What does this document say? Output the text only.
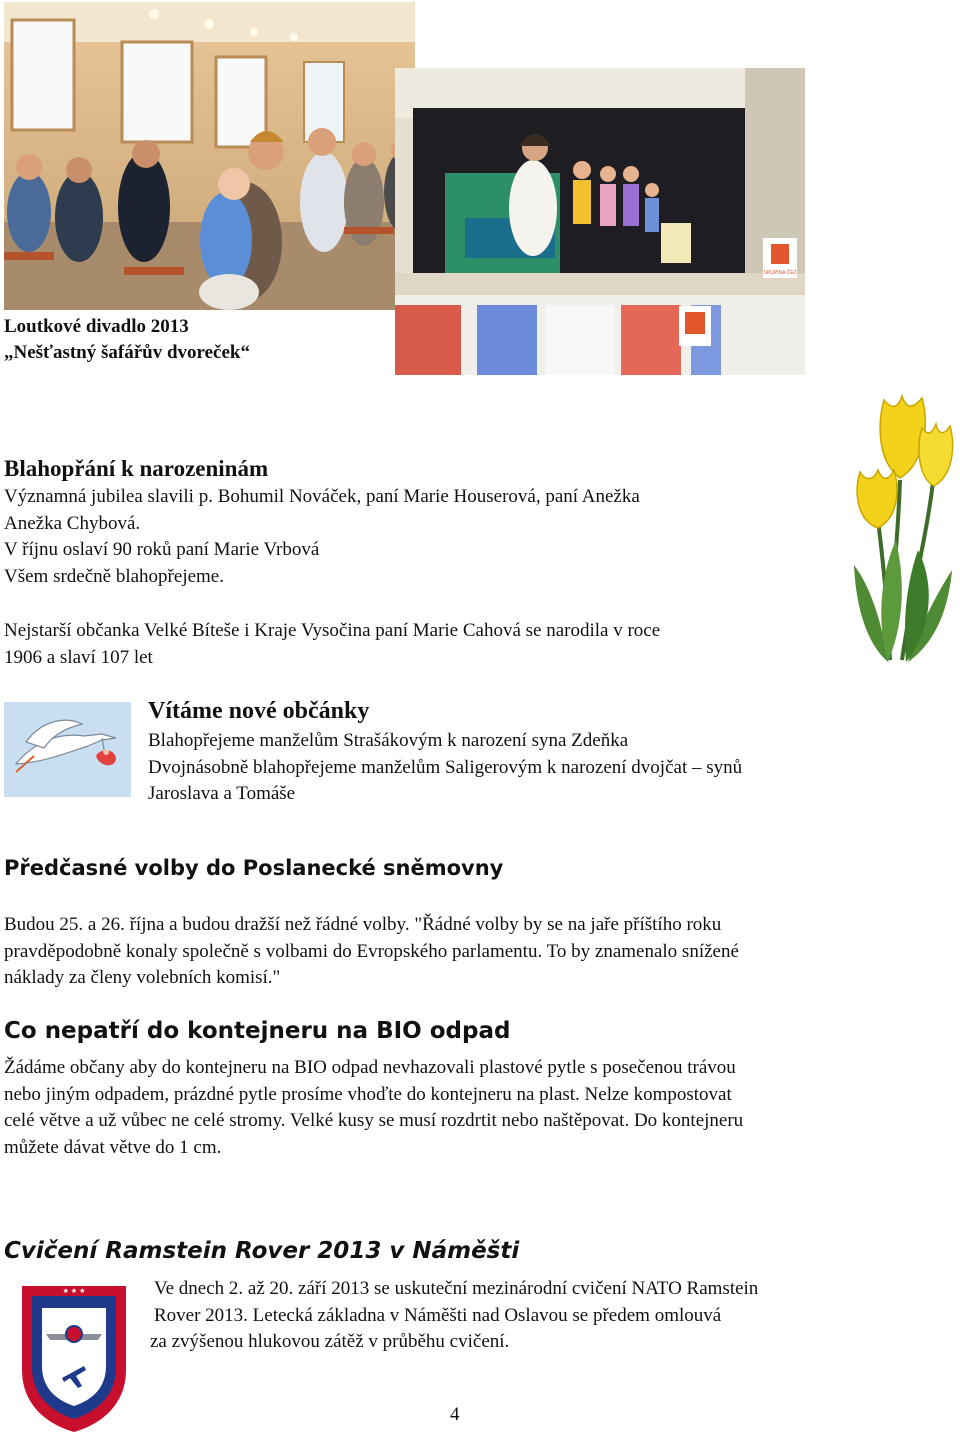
SKUPINA ČEZ
Loutkové divadlo 2013
„Nešťastný šafářův dvoreček“
Blahopřání k narozeninám
Významná jubilea slavili p. Bohumil Nováček, paní Marie Houserová, paní Anežka
Anežka Chybová.
V říjnu oslaví 90 roků paní Marie Vrbová
Všem srdečně blahopřejeme.
Nejstarší občanka Velké Bíteše i Kraje Vysočina paní Marie Cahová se narodila v roce
1906 a slaví 107 let
Vítáme nové občánky
Blahopřejeme manželům Strašákovým k narození syna Zdeňka
Dvojnásobně blahopřejeme manželům Saligerovým k narození dvojčat – synů
Jaroslava a Tomáše
Předčasné volby do Poslanecké sněmovny
Budou 25. a 26. října a budou dražší než řádné volby. "Řádné volby by se na jaře příštího roku
pravděpodobně konaly společně s volbami do Evropského parlamentu. To by znamenalo snížené
náklady za členy volebních komisí."
Co nepatří do kontejneru na BIO odpad
Žádáme občany aby do kontejneru na BIO odpad nevhazovali plastové pytle s posečenou trávou
nebo jiným odpadem, prázdné pytle prosíme vhoďte do kontejneru na plast. Nelze kompostovat
celé větve a už vůbec ne celé stromy. Velké kusy se musí rozdrtit nebo naštěpovat. Do kontejneru
můžete dávat větve do 1 cm.
Cvičení Ramstein Rover 2013 v Náměšti
★ ★ ★	Ve dnech 2. až 20. září 2013 se uskuteční mezinárodní cvičení NATO Ramstein
Rover 2013. Letecká základna v Náměšti nad Oslavou se předem omlouvá
za zvýšenou hlukovou zátěž v průběhu cvičení.
4
